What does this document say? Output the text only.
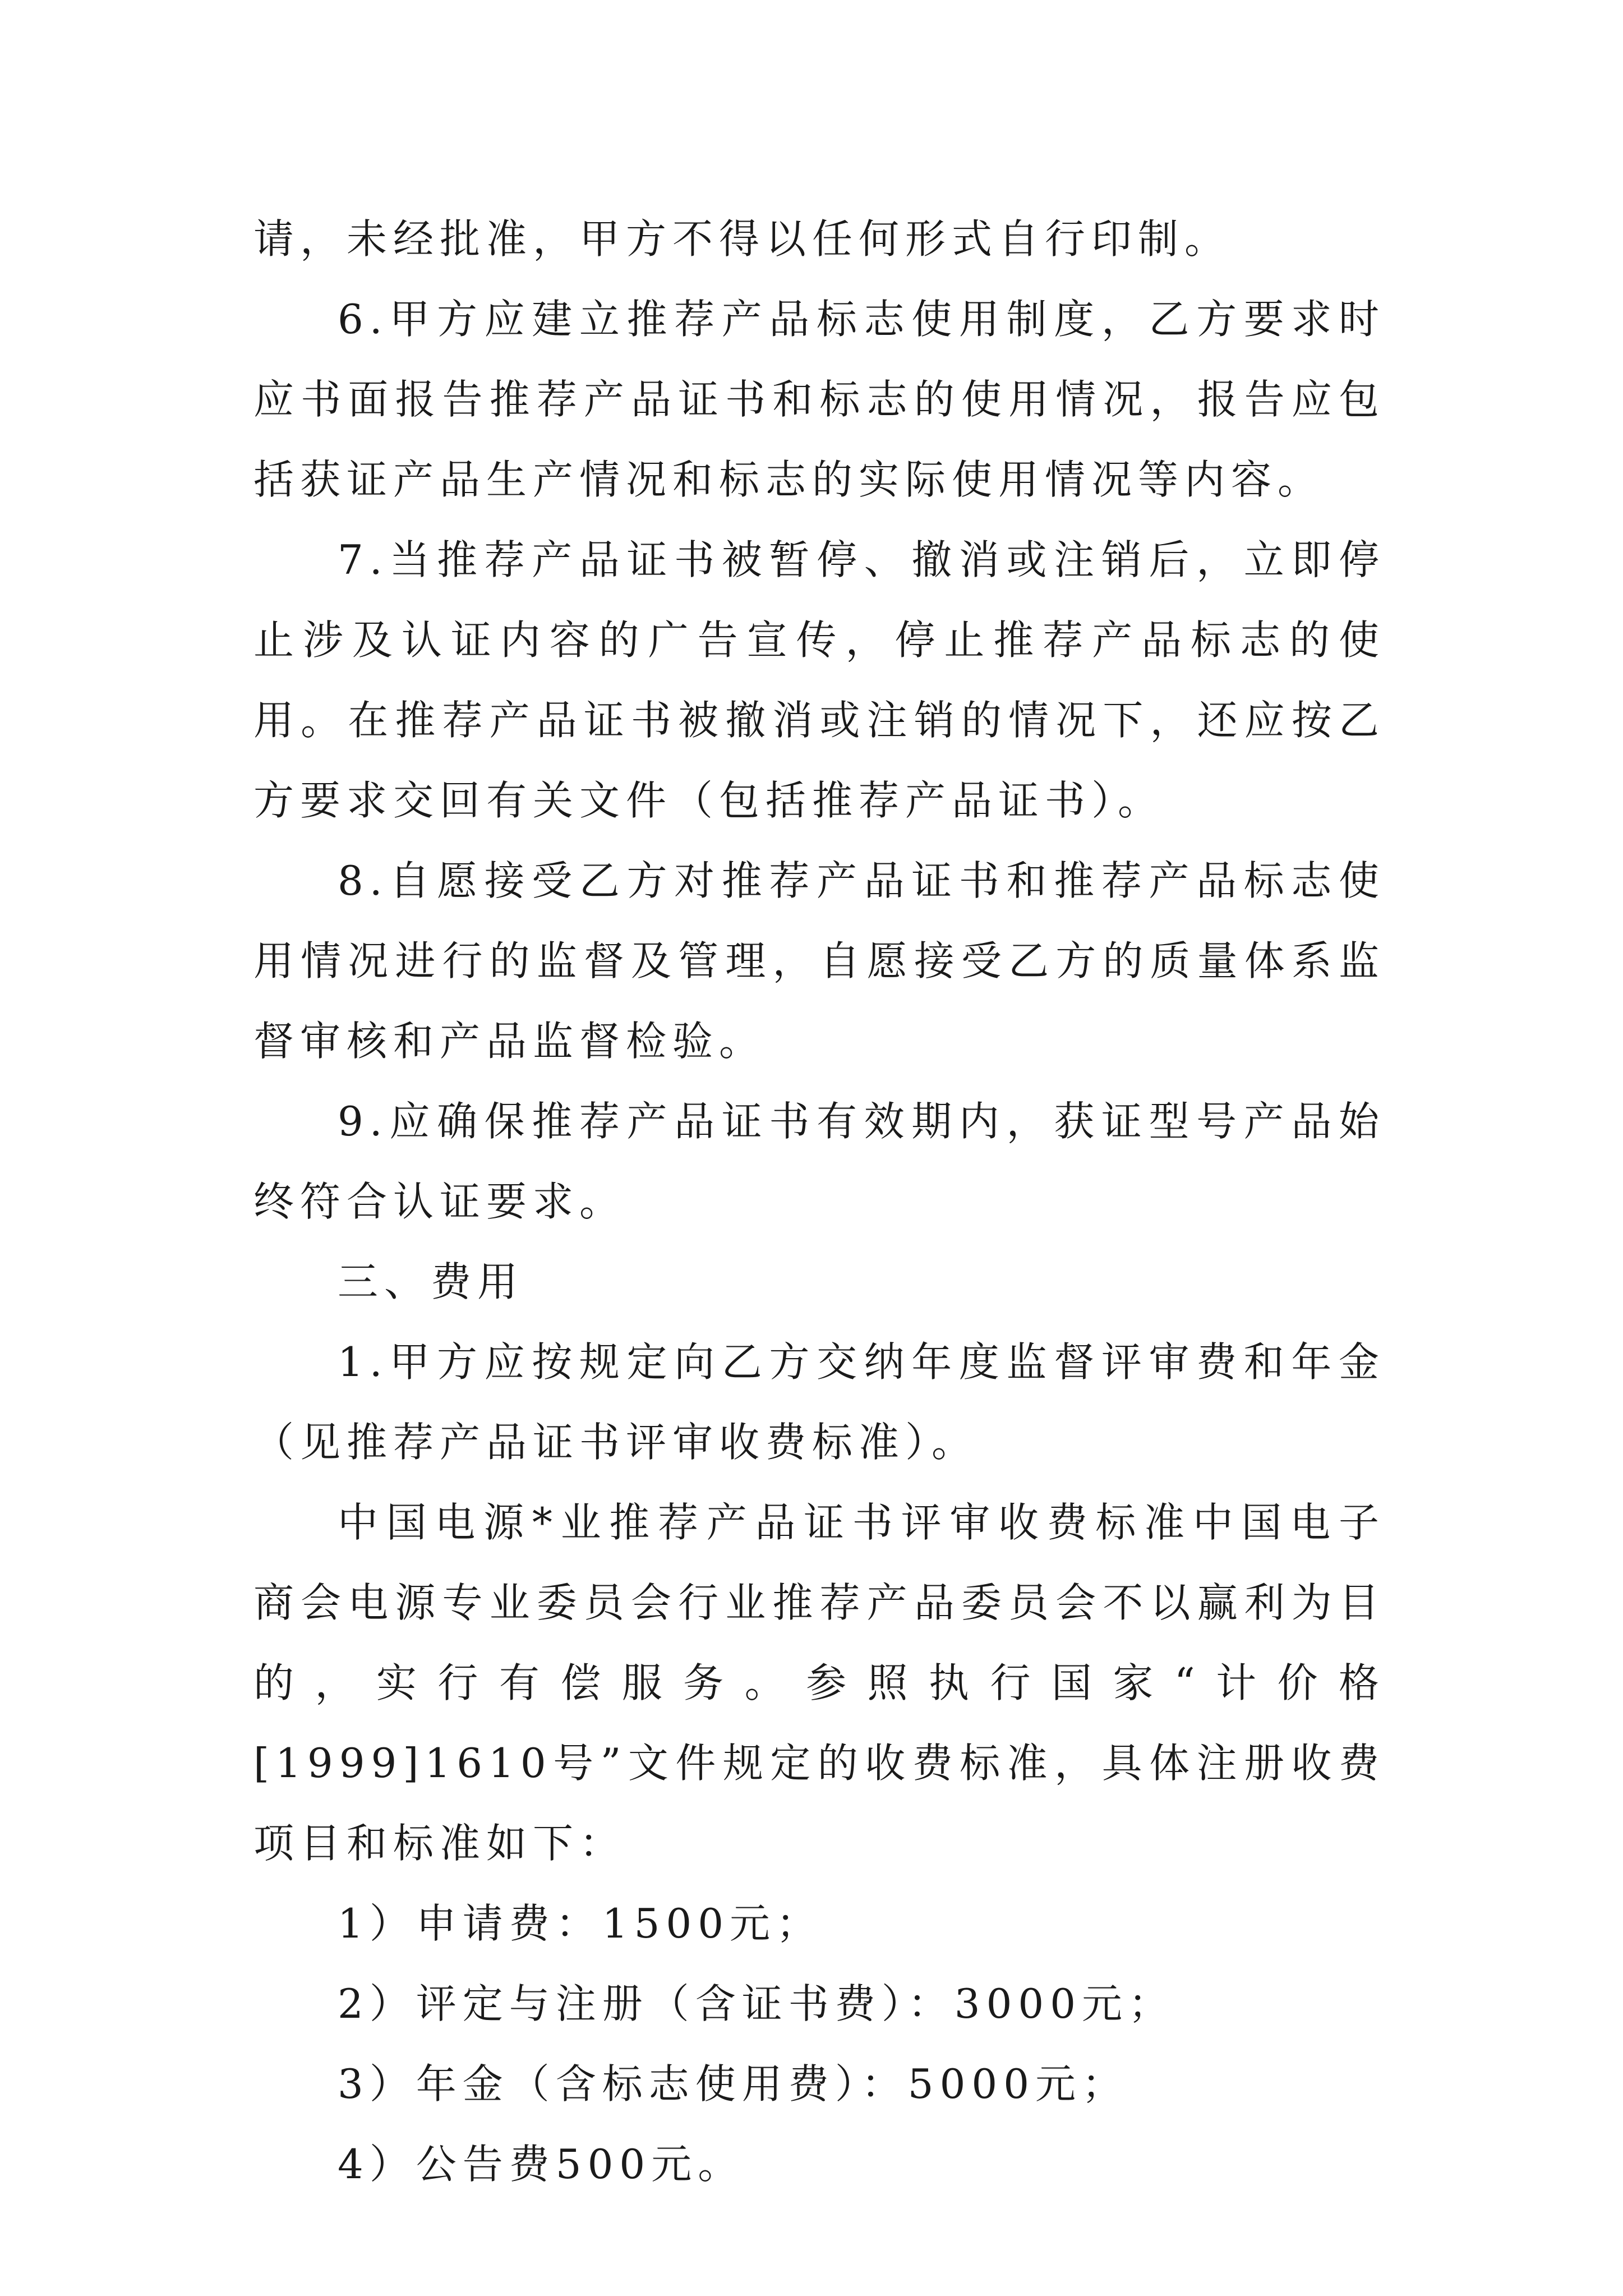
请，未经批准，甲方不得以任何形式自行印制。

6.甲方应建立推荐产品标志使用制度，乙方要求时应书面报告推荐产品证书和标志的使用情况，报告应包括获证产品生产情况和标志的实际使用情况等内容。

7.当推荐产品证书被暂停、撤消或注销后，立即停止涉及认证内容的广告宣传，停止推荐产品标志的使用。在推荐产品证书被撤消或注销的情况下，还应按乙方要求交回有关文件（包括推荐产品证书）。

8.自愿接受乙方对推荐产品证书和推荐产品标志使用情况进行的监督及管理，自愿接受乙方的质量体系监督审核和产品监督检验。

9.应确保推荐产品证书有效期内，获证型号产品始终符合认证要求。

三、费用

1.甲方应按规定向乙方交纳年度监督评审费和年金（见推荐产品证书评审收费标准）。

中国电源*业推荐产品证书评审收费标准中国电子商会电源专业委员会行业推荐产品委员会不以赢利为目的，实行有偿服务。参照执行国家“计价格[1999]1610号”文件规定的收费标准，具体注册收费项目和标准如下：

1）申请费：1500元；

2）评定与注册（含证书费）：3000元；

3）年金（含标志使用费）：5000元；

4）公告费500元。
